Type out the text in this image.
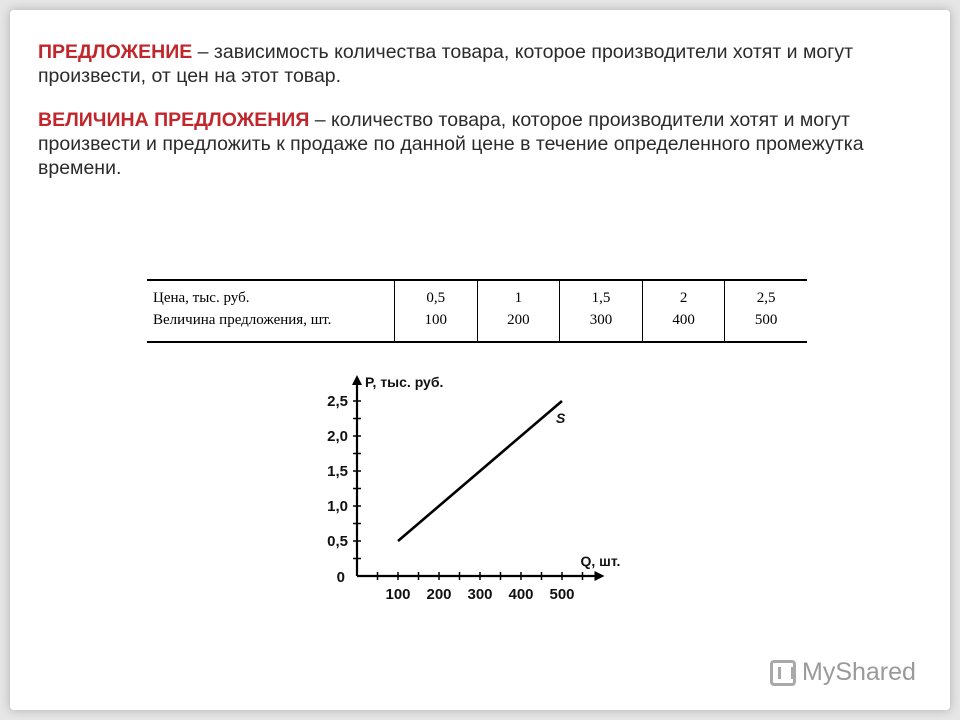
ПРЕДЛОЖЕНИЕ – зависимость количества товара, которое производители хотят и могут произвести, от цен на этот товар.

ВЕЛИЧИНА ПРЕДЛОЖЕНИЯ – количество товара, которое производители хотят и могут произвести и предложить к продаже по данной цене в течение определенного промежутка времени.

Цена, тыс. руб.
Величина предложения, шт.
0,5
100
1
200
1,5
300
2
400
2,5
500
100 200 300 400 500
0,5
1,0
1,5
2,0
2,5
0
P, тыс. руб.
Q, шт.
S
MyShared
